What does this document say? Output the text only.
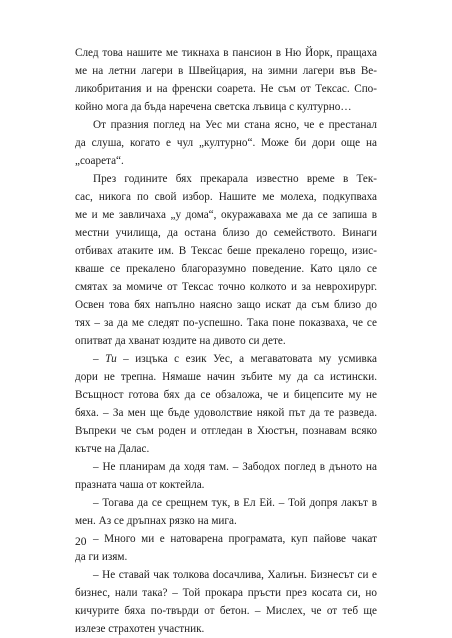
След това нашите ме тикнаха в пансион в Ню Йорк, пращаха
ме на летни лагери в Швейцария, на зимни лагери във Ве-
ликобритания и на френски соарета. Не съм от Тексас. Спо-
койно мога да бъда наречена светска лъвица с културно…
От празния поглед на Уес ми стана ясно, че е престанал
да слуша, когато е чул „културно“. Може би дори още на
„соарета“.
През годините бях прекарала известно време в Тек-
сас, никога по свой избор. Нашите ме молеха, подкупваха
ме и ме завличаха „у дома“, окуражаваха ме да се запиша в
местни училища, да остана близо до семейството. Винаги
отбивах атаките им. В Тексас беше прекалено горещо, изис-
кваше се прекалено благоразумно поведение. Като цяло се
смятах за момиче от Тексас точно колкото и за неврохирург.
Освен това бях напълно наясно защо искат да съм близо до
тях – за да ме следят по-успешно. Така поне показваха, че се
опитват да хванат юздите на дивото си дете.
– Ти – изцъка с език Уес, а мегаватовата му усмивка
дори не трепна. Нямаше начин зъбите му да са истински.
Всъщност готова бях да се обзаложа, че и бицепсите му не
бяха. – За мен ще бъде удоволствие някой път да те разведа.
Въпреки че съм роден и отгледан в Хюстън, познавам всяко
кътче на Далас.
– Не планирам да ходя там. – Забодох поглед в дъното на
празната чаша от коктейла.
– Тогава да се срещнем тук, в Ел Ей. – Той допря лакът в
мен. Аз се дръпнах рязко на мига.
– Много ми е натоварена програмата, куп пайове чакат
да ги изям.
– Не ставай чак толкова docaчлива, Халиън. Бизнесът си е
бизнес, нали така? – Той прокара пръсти през косата си, но
кичурите бяха по-твърди от бетон. – Мислех, че от теб ще
излезе страхотен участник.
20
